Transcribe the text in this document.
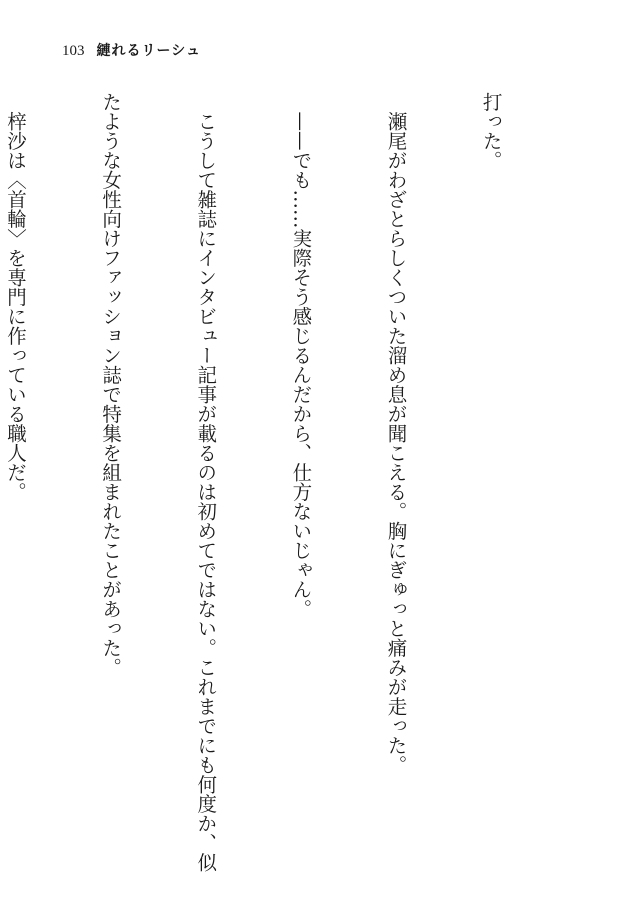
103 縺れるリーシュ

打った。

　瀬尾がわざとらしくついた溜め息が聞こえる。胸にぎゅっと痛みが走った。

　——でも……実際そう感じるんだから、仕方ないじゃん。

　こうして雑誌にインタビュー記事が載るのは初めてではない。これまでにも何度か、似

たような女性向けファッション誌で特集を組まれたことがあった。

　梓沙は〈首輪〉を専門に作っている職人だ。
